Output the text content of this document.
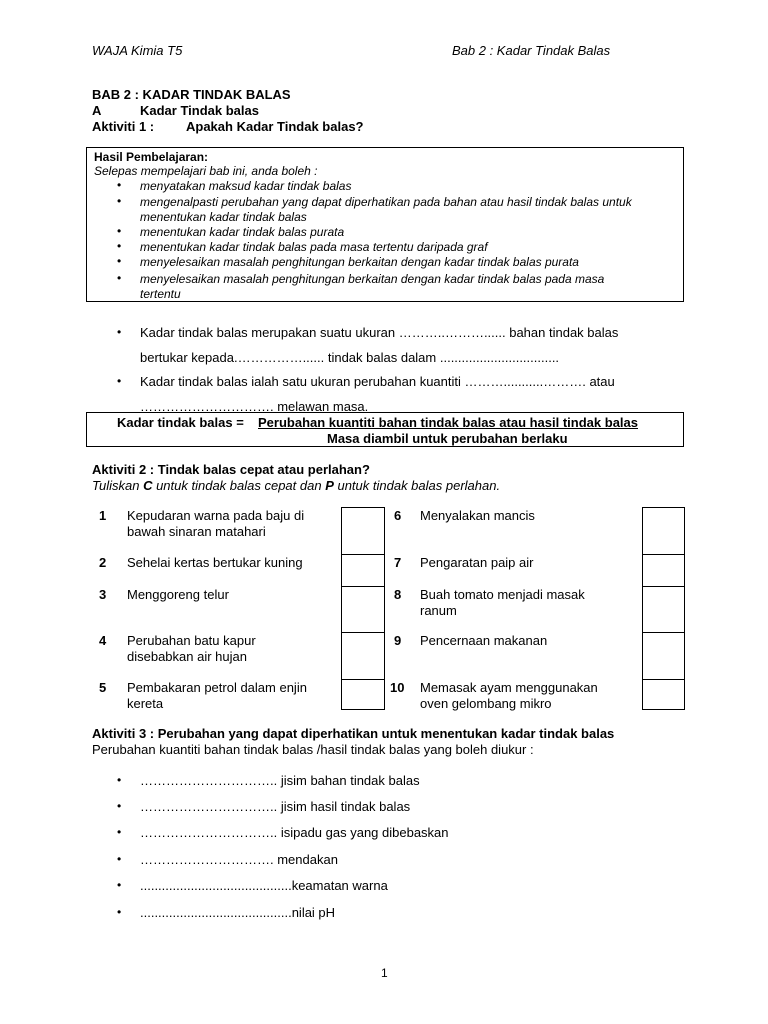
WAJA Kimia T5	Bab 2 : Kadar Tindak Balas
BAB 2 : KADAR TINDAK BALAS
A	Kadar Tindak balas
Aktiviti 1 : Apakah Kadar Tindak balas?
Hasil Pembelajaran:
Selepas mempelajari bab ini, anda boleh :
• menyatakan maksud kadar tindak balas
• mengenalpasti perubahan yang dapat diperhatikan pada bahan atau hasil tindak balas untuk
menentukan kadar tindak balas
• menentukan kadar tindak balas purata
• menentukan kadar tindak balas pada masa tertentu daripada graf
• menyelesaikan masalah penghitungan berkaitan dengan kadar tindak balas purata
• menyelesaikan masalah penghitungan berkaitan dengan kadar tindak balas pada masa
tertentu
• Kadar tindak balas merupakan suatu ukuran ………..………...... bahan tindak balas
bertukar kepada.……………...... tindak balas dalam .................................
• Kadar tindak balas ialah satu ukuran perubahan kuantiti ………...........………. atau
…………………………. melawan masa.
Kadar tindak balas = Perubahan kuantiti bahan tindak balas atau hasil tindak balas
Masa diambil untuk perubahan berlaku
Aktiviti 2 : Tindak balas cepat atau perlahan?
Tuliskan C untuk tindak balas cepat dan P untuk tindak balas perlahan.
1 Kepudaran warna pada baju di
bawah sinaran matahari
2 Sehelai kertas bertukar kuning
3 Menggoreng telur
4 Perubahan batu kapur
disebabkan air hujan
5 Pembakaran petrol dalam enjin
kereta
6 Menyalakan mancis
7 Pengaratan paip air
8 Buah tomato menjadi masak
ranum
9 Pencernaan makanan
10 Memasak ayam menggunakan
oven gelombang mikro
Aktiviti 3 : Perubahan yang dapat diperhatikan untuk menentukan kadar tindak balas
Perubahan kuantiti bahan tindak balas /hasil tindak balas yang boleh diukur :
• ………………………….. jisim bahan tindak balas
• ………………………….. jisim hasil tindak balas
• ………………………….. isipadu gas yang dibebaskan
• …………………………. mendakan
• ..........................................keamatan warna
• ..........................................nilai pH
1
